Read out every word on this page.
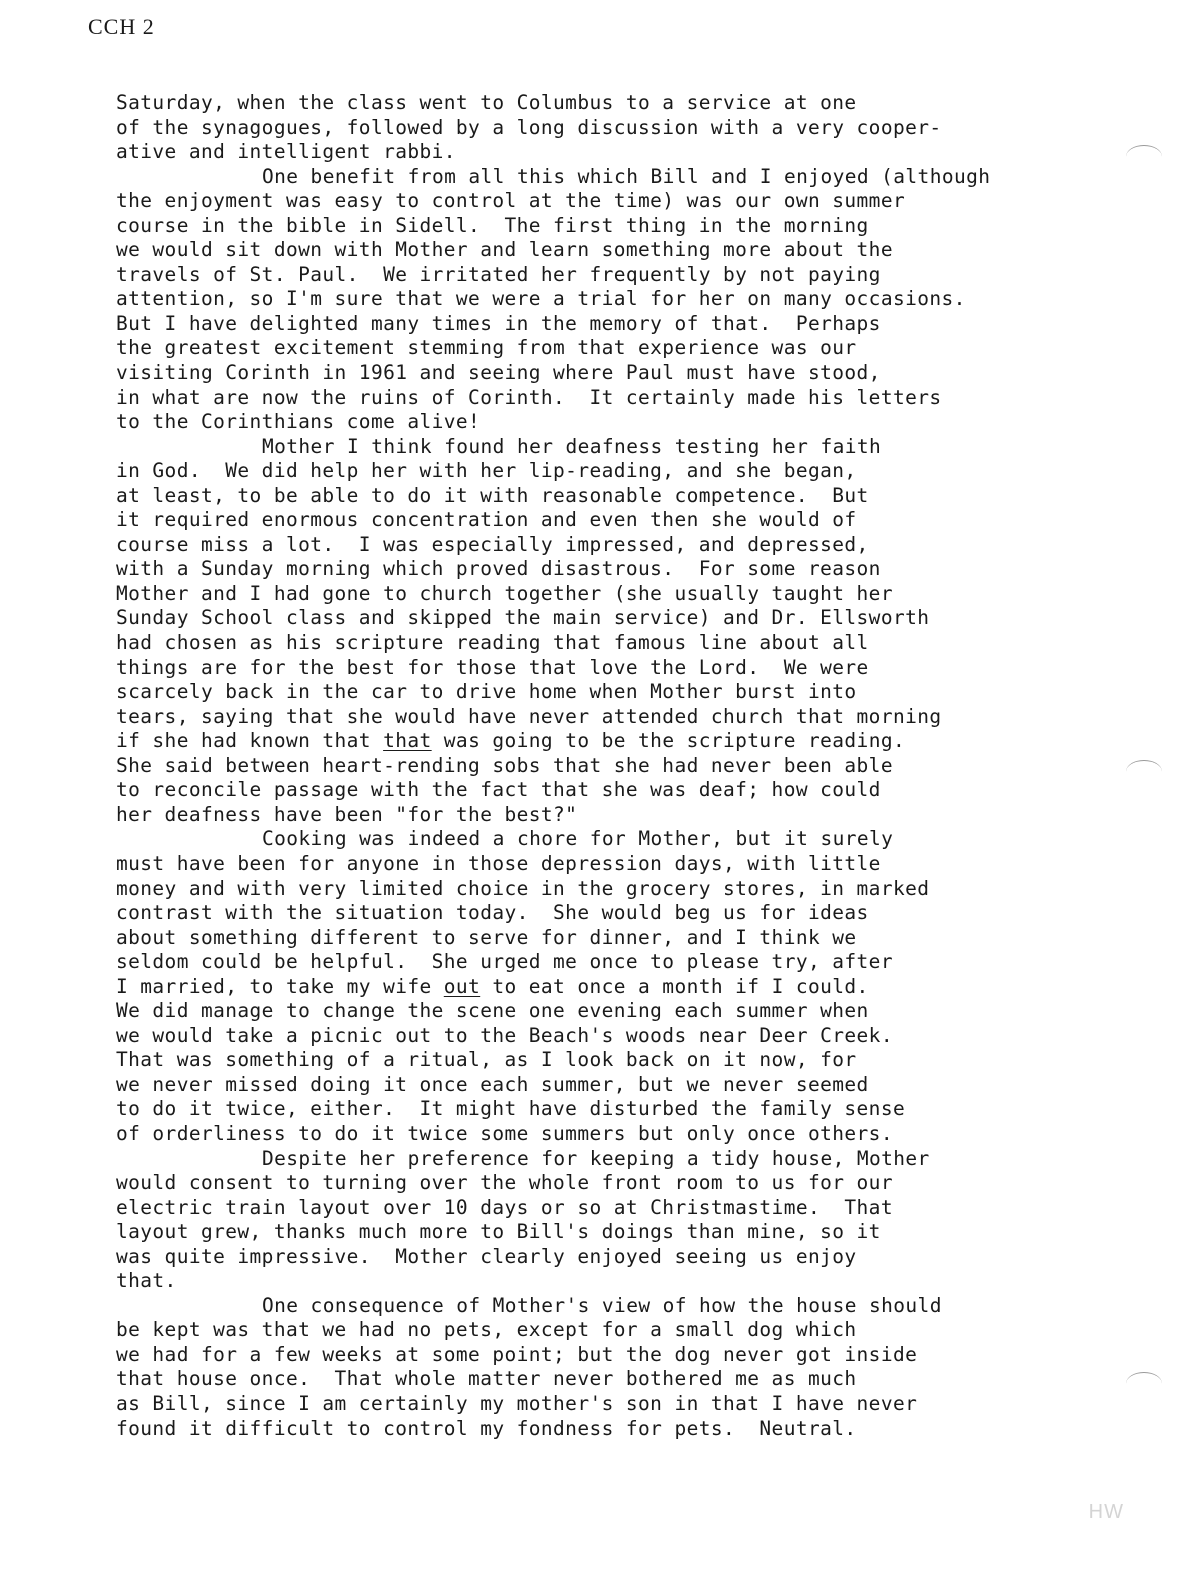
CCH 2
Saturday, when the class went to Columbus to a service at one
of the synagogues, followed by a long discussion with a very cooper-
ative and intelligent rabbi.
One benefit from all this which Bill and I enjoyed (although
the enjoyment was easy to control at the time) was our own summer
course in the bible in Sidell.  The first thing in the morning
we would sit down with Mother and learn something more about the
travels of St. Paul.  We irritated her frequently by not paying
attention, so I'm sure that we were a trial for her on many occasions.
But I have delighted many times in the memory of that.  Perhaps
the greatest excitement stemming from that experience was our
visiting Corinth in 1961 and seeing where Paul must have stood,
in what are now the ruins of Corinth.  It certainly made his letters
to the Corinthians come alive!
Mother I think found her deafness testing her faith
in God.  We did help her with her lip-reading, and she began,
at least, to be able to do it with reasonable competence.  But
it required enormous concentration and even then she would of
course miss a lot.  I was especially impressed, and depressed,
with a Sunday morning which proved disastrous.  For some reason
Mother and I had gone to church together (she usually taught her
Sunday School class and skipped the main service) and Dr. Ellsworth
had chosen as his scripture reading that famous line about all
things are for the best for those that love the Lord.  We were
scarcely back in the car to drive home when Mother burst into
tears, saying that she would have never attended church that morning
if she had known that that was going to be the scripture reading.
She said between heart-rending sobs that she had never been able
to reconcile passage with the fact that she was deaf; how could
her deafness have been "for the best?"
Cooking was indeed a chore for Mother, but it surely
must have been for anyone in those depression days, with little
money and with very limited choice in the grocery stores, in marked
contrast with the situation today.  She would beg us for ideas
about something different to serve for dinner, and I think we
seldom could be helpful.  She urged me once to please try, after
I married, to take my wife out to eat once a month if I could.
We did manage to change the scene one evening each summer when
we would take a picnic out to the Beach's woods near Deer Creek.
That was something of a ritual, as I look back on it now, for
we never missed doing it once each summer, but we never seemed
to do it twice, either.  It might have disturbed the family sense
of orderliness to do it twice some summers but only once others.
Despite her preference for keeping a tidy house, Mother
would consent to turning over the whole front room to us for our
electric train layout over 10 days or so at Christmastime.  That
layout grew, thanks much more to Bill's doings than mine, so it
was quite impressive.  Mother clearly enjoyed seeing us enjoy
that.
One consequence of Mother's view of how the house should
be kept was that we had no pets, except for a small dog which
we had for a few weeks at some point; but the dog never got inside
that house once.  That whole matter never bothered me as much
as Bill, since I am certainly my mother's son in that I have never
found it difficult to control my fondness for pets.  Neutral.
HW
